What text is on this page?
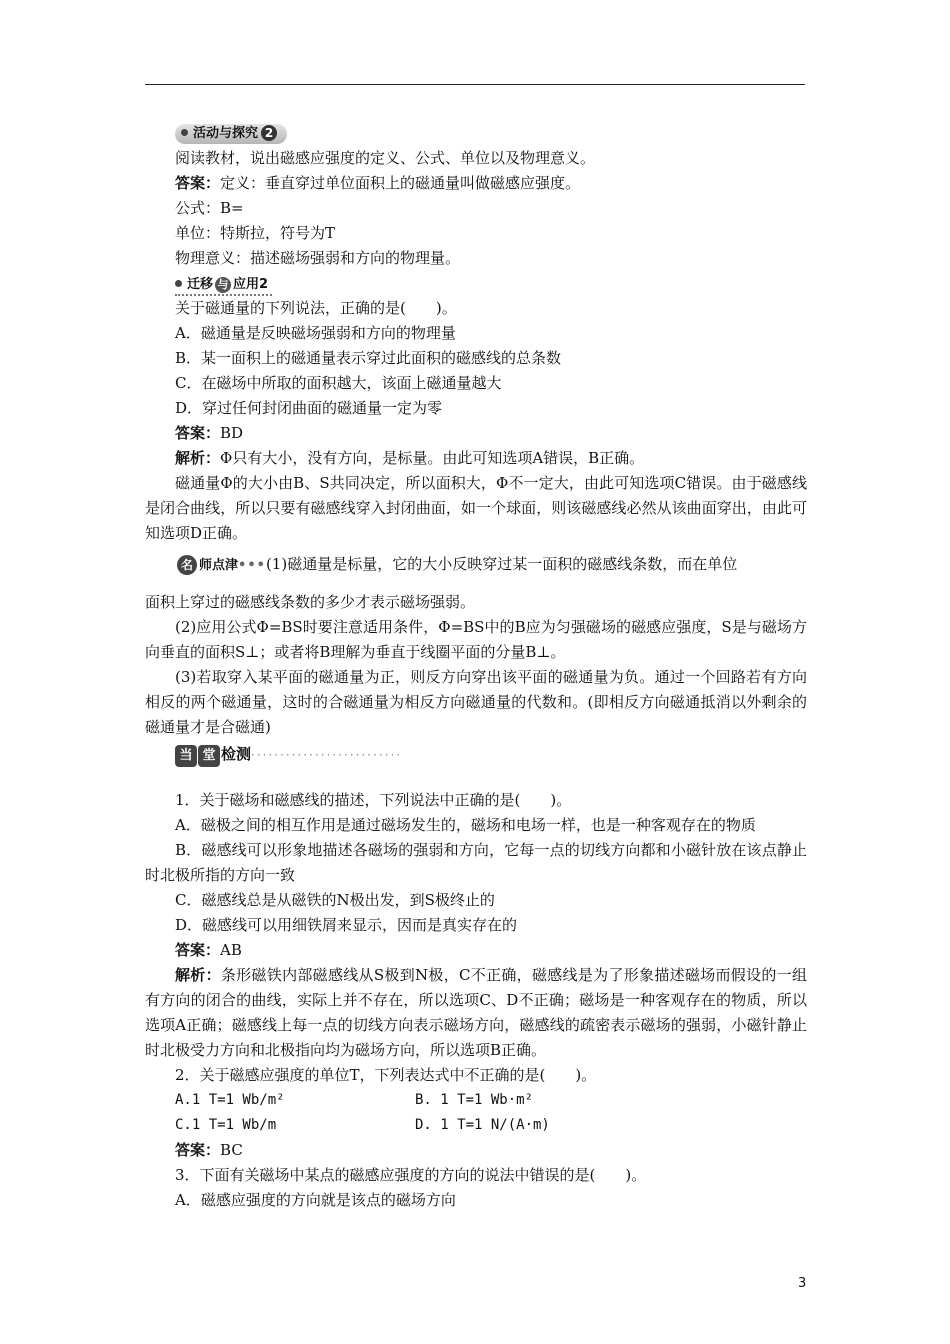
活动与探究 2
阅读教材，说出磁感应强度的定义、公式、单位以及物理意义。
答案：定义：垂直穿过单位面积上的磁通量叫做磁感应强度。
公式：B=
单位：特斯拉，符号为T
物理意义：描述磁场强弱和方向的物理量。
迁移 与 应用2
关于磁通量的下列说法，正确的是(　　)。
A．磁通量是反映磁场强弱和方向的物理量
B．某一面积上的磁通量表示穿过此面积的磁感线的总条数
C．在磁场中所取的面积越大，该面上磁通量越大
D．穿过任何封闭曲面的磁通量一定为零
答案：BD
解析：Φ只有大小，没有方向，是标量。由此可知选项A错误，B正确。
磁通量Φ的大小由B、S共同决定，所以面积大，Φ不一定大，由此可知选项C错误。由于磁感线是闭合曲线，所以只要有磁感线穿入封闭曲面，如一个球面，则该磁感线必然从该曲面穿出，由此可知选项D正确。
名 师点津•••(1)磁通量是标量，它的大小反映穿过某一面积的磁感线条数，而在单位
面积上穿过的磁感线条数的多少才表示磁场强弱。
(2)应用公式Φ=BS时要注意适用条件，Φ=BS中的B应为匀强磁场的磁感应强度，S是与磁场方向垂直的面积S⊥；或者将B理解为垂直于线圈平面的分量B⊥。
(3)若取穿入某平面的磁通量为正，则反方向穿出该平面的磁通量为负。通过一个回路若有方向相反的两个磁通量，这时的合磁通量为相反方向磁通量的代数和。(即相反方向磁通抵消以外剩余的磁通量才是合磁通)
当 堂 检测··························
1．关于磁场和磁感线的描述，下列说法中正确的是(　　)。
A．磁极之间的相互作用是通过磁场发生的，磁场和电场一样，也是一种客观存在的物质
B．磁感线可以形象地描述各磁场的强弱和方向，它每一点的切线方向都和小磁针放在该点静止时北极所指的方向一致
C．磁感线总是从磁铁的N极出发，到S极终止的
D．磁感线可以用细铁屑来显示，因而是真实存在的
答案：AB
解析：条形磁铁内部磁感线从S极到N极，C不正确，磁感线是为了形象描述磁场而假设的一组有方向的闭合的曲线，实际上并不存在，所以选项C、D不正确；磁场是一种客观存在的物质，所以选项A正确；磁感线上每一点的切线方向表示磁场方向，磁感线的疏密表示磁场的强弱，小磁针静止时北极受力方向和北极指向均为磁场方向，所以选项B正确。
2．关于磁感应强度的单位T，下列表达式中不正确的是(　　)。
A.1 T=1 Wb/m²	B. 1 T=1 Wb·m²
C.1 T=1 Wb/m	D. 1 T=1 N/(A·m)
答案：BC
3．下面有关磁场中某点的磁感应强度的方向的说法中错误的是(　　)。
A．磁感应强度的方向就是该点的磁场方向
3
